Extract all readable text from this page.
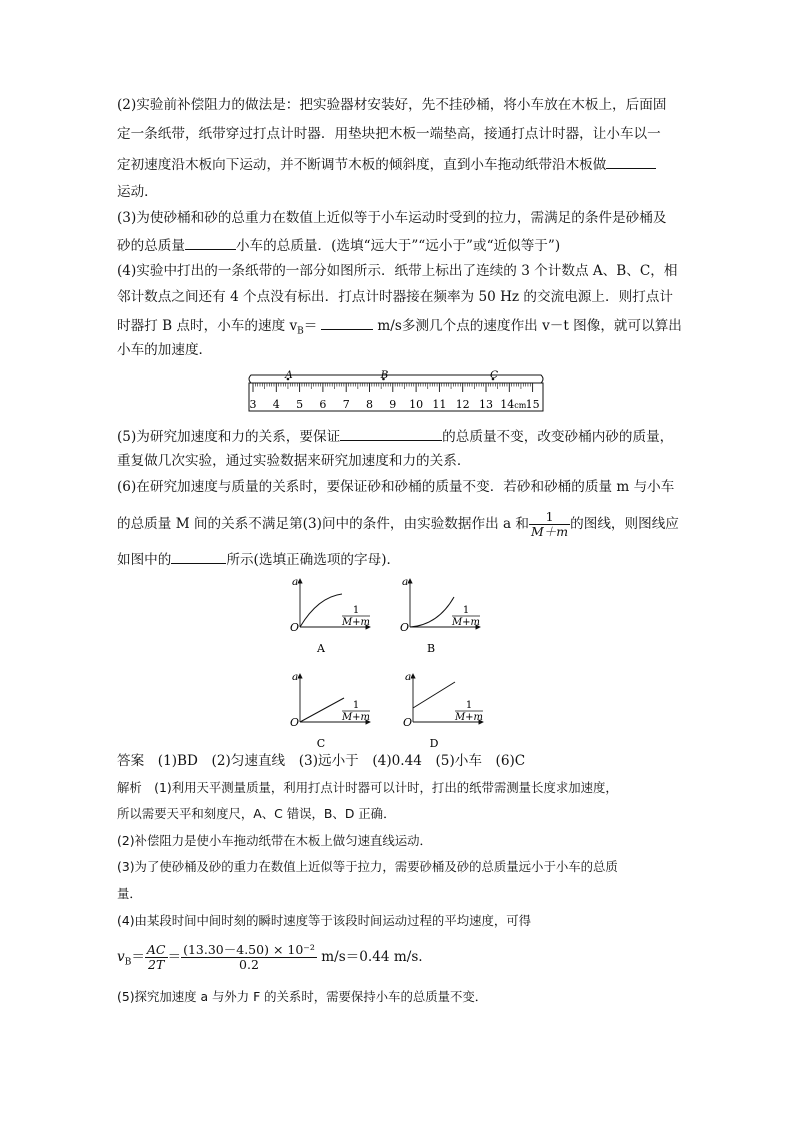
(2)实验前补偿阻力的做法是：把实验器材安装好，先不挂砂桶，将小车放在木板上，后面固
定一条纸带，纸带穿过打点计时器．用垫块把木板一端垫高，接通打点计时器，让小车以一
定初速度沿木板向下运动，并不断调节木板的倾斜度，直到小车拖动纸带沿木板做
运动．
(3)为使砂桶和砂的总重力在数值上近似等于小车运动时受到的拉力，需满足的条件是砂桶及
砂的总质量	小车的总质量．(选填“远大于”“远小于”或“近似等于”)
(4)实验中打出的一条纸带的一部分如图所示．纸带上标出了连续的 3 个计数点 A、B、C，相
邻计数点之间还有 4 个点没有标出．打点计时器接在频率为 50 Hz 的交流电源上．则打点计
时器打 B 点时，小车的速度 $v_B=$	m/s多测几个点的速度作出 v－t 图像，就可以算出
小车的加速度．
3 4 5 6 7 8 9 10 11 12 13 14cm 15
A	B	C
(5)为研究加速度和力的关系，要保证	的总质量不变，改变砂桶内砂的质量，
重复做几次实验，通过实验数据来研究加速度和力的关系．
(6)在研究加速度与质量的关系时，要保证砂和砂桶的质量不变．若砂和砂桶的质量 m 与小车
的总质量 M 间的关系不满足第(3)问中的条件，由实验数据作出 a 和 $\frac{1}{M+m}$ 的图线，则图线应
如图中的	所示(选填正确选项的字母)．
a
O
1
M+m
A
a
O
1
M+m
B
a
O
1
M+m
C
a
O
1
M+m
D
答案　 (1)BD　(2)匀速直线　(3)远小于　(4)0.44　(5)小车　(6)C
解析　 (1)利用天平测量质量，利用打点计时器可以计时，打出的纸带需测量长度求加速度，
所以需要天平和刻度尺，A、C 错误，B、D 正确．
(2)补偿阻力是使小车拖动纸带在木板上做匀速直线运动．
(3)为了使砂桶及砂的重力在数值上近似等于拉力，需要砂桶及砂的总质量远小于小车的总质
量．
(4)由某段时间中间时刻的瞬时速度等于该段时间运动过程的平均速度，可得
$v_B= \frac{AC}{2T} = \frac{\text{(13.30－4.50) × 10⁻²}}{0.2} m/s=0.44$ m/s.
(5)探究加速度 a 与外力 F 的关系时，需要保持小车的总质量不变．
